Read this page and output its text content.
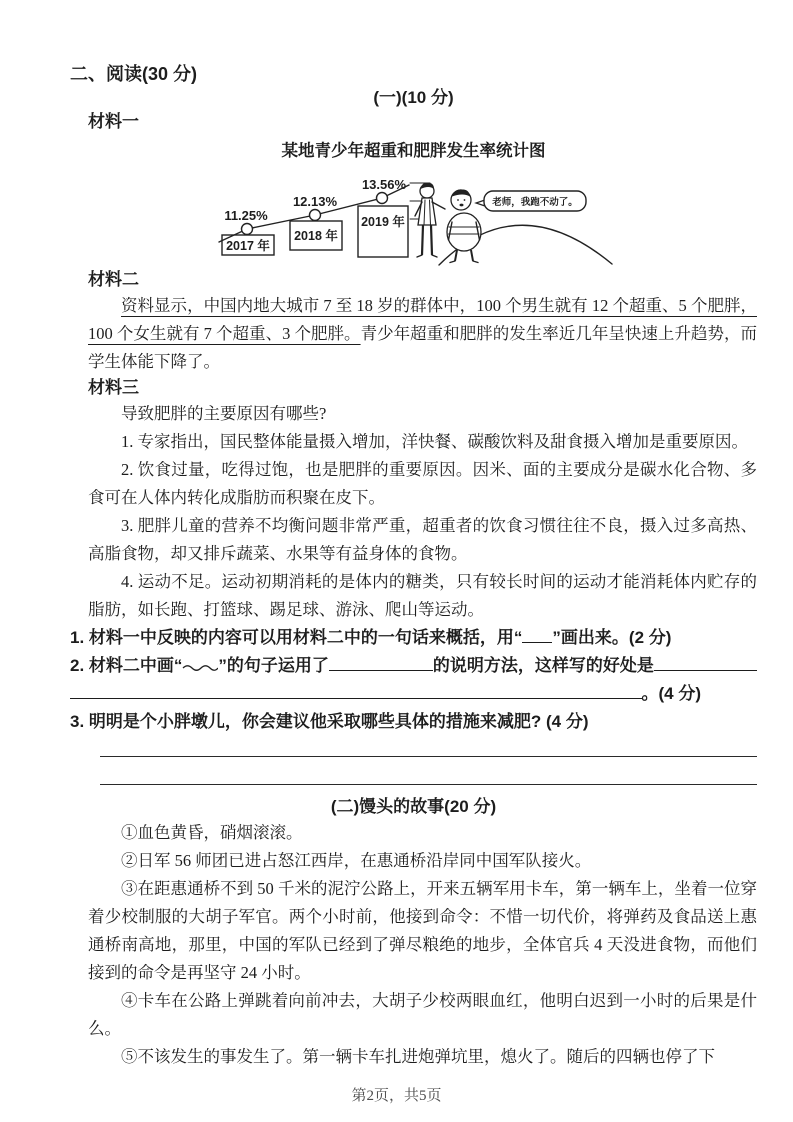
二、阅读(30 分)
(一)(10 分)
材料一
某地青少年超重和肥胖发生率统计图
2017 年
2018 年
2019 年
11.25%
12.13%
13.56%
老师，我跑不动了。
材料二

资料显示，中国内地大城市 7 至 18 岁的群体中，100 个男生就有 12 个超重、5 个肥胖，100 个女生就有 7 个超重、3 个肥胖。青少年超重和肥胖的发生率近几年呈快速上升趋势，而学生体能下降了。

材料三

导致肥胖的主要原因有哪些?

1. 专家指出，国民整体能量摄入增加，洋快餐、碳酸饮料及甜食摄入增加是重要原因。

2. 饮食过量，吃得过饱，也是肥胖的重要原因。因米、面的主要成分是碳水化合物、多食可在人体内转化成脂肪而积聚在皮下。

3. 肥胖儿童的营养不均衡问题非常严重，超重者的饮食习惯往往不良，摄入过多高热、高脂食物，却又排斥蔬菜、水果等有益身体的食物。

4. 运动不足。运动初期消耗的是体内的糖类，只有较长时间的运动才能消耗体内贮存的脂肪，如长跑、打篮球、踢足球、游泳、爬山等运动。

1. 材料一中反映的内容可以用材料二中的一句话来概括，用“ ”画出来。(2 分)

2. 材料二中画“ ”的句子运用了	的说明方法，这样写的好处是
。(4 分)

3. 明明是个小胖墩儿，你会建议他采取哪些具体的措施来减肥? (4 分)

(二)馒头的故事(20 分)

①血色黄昏，硝烟滚滚。

②日军 56 师团已进占怒江西岸，在惠通桥沿岸同中国军队接火。

③在距惠通桥不到 50 千米的泥泞公路上，开来五辆军用卡车，第一辆车上，坐着一位穿着少校制服的大胡子军官。两个小时前，他接到命令：不惜一切代价，将弹药及食品送上惠通桥南高地，那里，中国的军队已经到了弹尽粮绝的地步，全体官兵 4 天没进食物，而他们接到的命令是再坚守 24 小时。

④卡车在公路上弹跳着向前冲去，大胡子少校两眼血红，他明白迟到一小时的后果是什么。

⑤不该发生的事发生了。第一辆卡车扎进炮弹坑里，熄火了。随后的四辆也停了下

第2页，共5页
